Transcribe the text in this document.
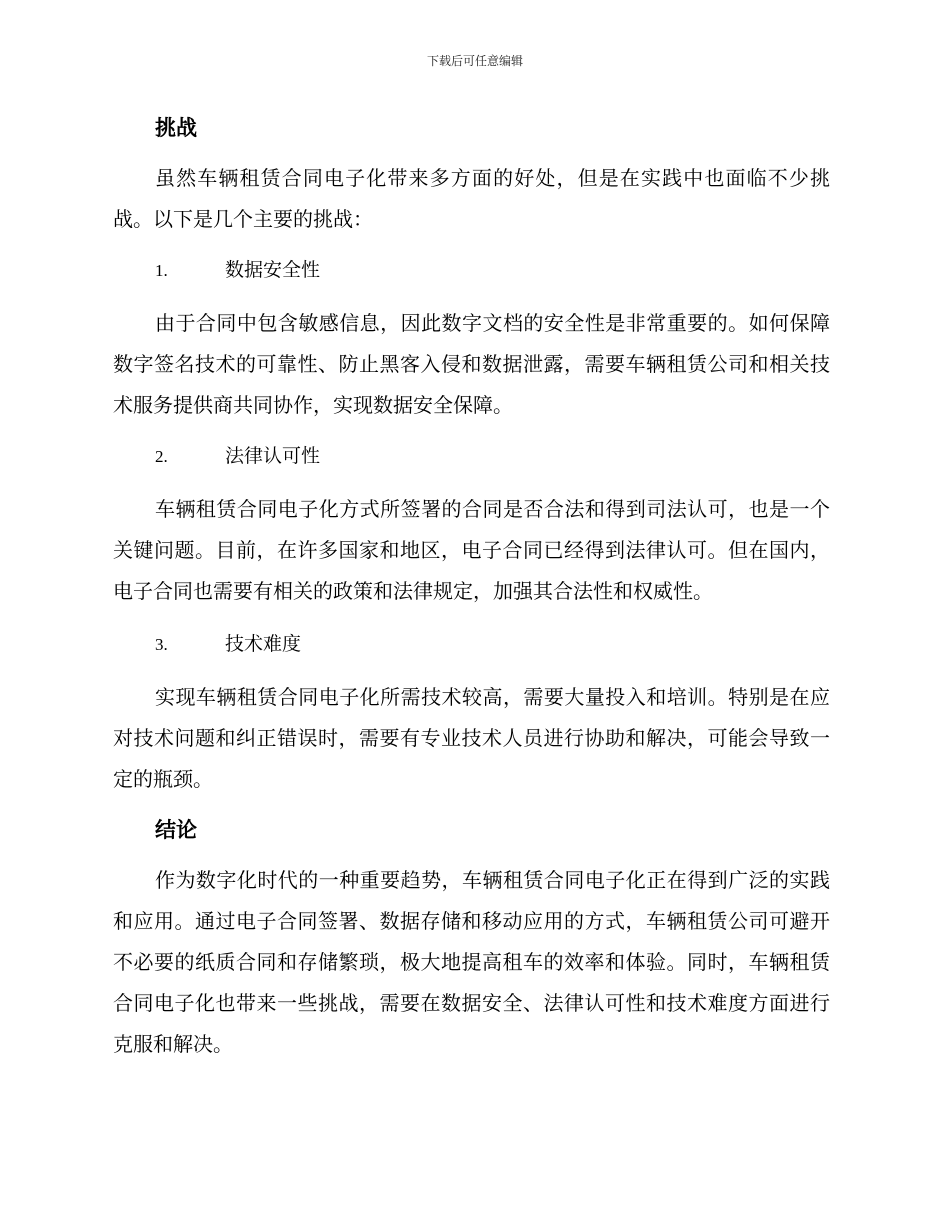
下载后可任意编辑
挑战

虽然车辆租赁合同电子化带来多方面的好处，但是在实践中也面临不少挑战。以下是几个主要的挑战：

1.	数据安全性

由于合同中包含敏感信息，因此数字文档的安全性是非常重要的。如何保障数字签名技术的可靠性、防止黑客入侵和数据泄露，需要车辆租赁公司和相关技术服务提供商共同协作，实现数据安全保障。

2.	法律认可性

车辆租赁合同电子化方式所签署的合同是否合法和得到司法认可，也是一个关键问题。目前，在许多国家和地区，电子合同已经得到法律认可。但在国内，电子合同也需要有相关的政策和法律规定，加强其合法性和权威性。

3.	技术难度

实现车辆租赁合同电子化所需技术较高，需要大量投入和培训。特别是在应对技术问题和纠正错误时，需要有专业技术人员进行协助和解决，可能会导致一定的瓶颈。

结论

作为数字化时代的一种重要趋势，车辆租赁合同电子化正在得到广泛的实践和应用。通过电子合同签署、数据存储和移动应用的方式，车辆租赁公司可避开不必要的纸质合同和存储繁琐，极大地提高租车的效率和体验。同时，车辆租赁合同电子化也带来一些挑战，需要在数据安全、法律认可性和技术难度方面进行克服和解决。
